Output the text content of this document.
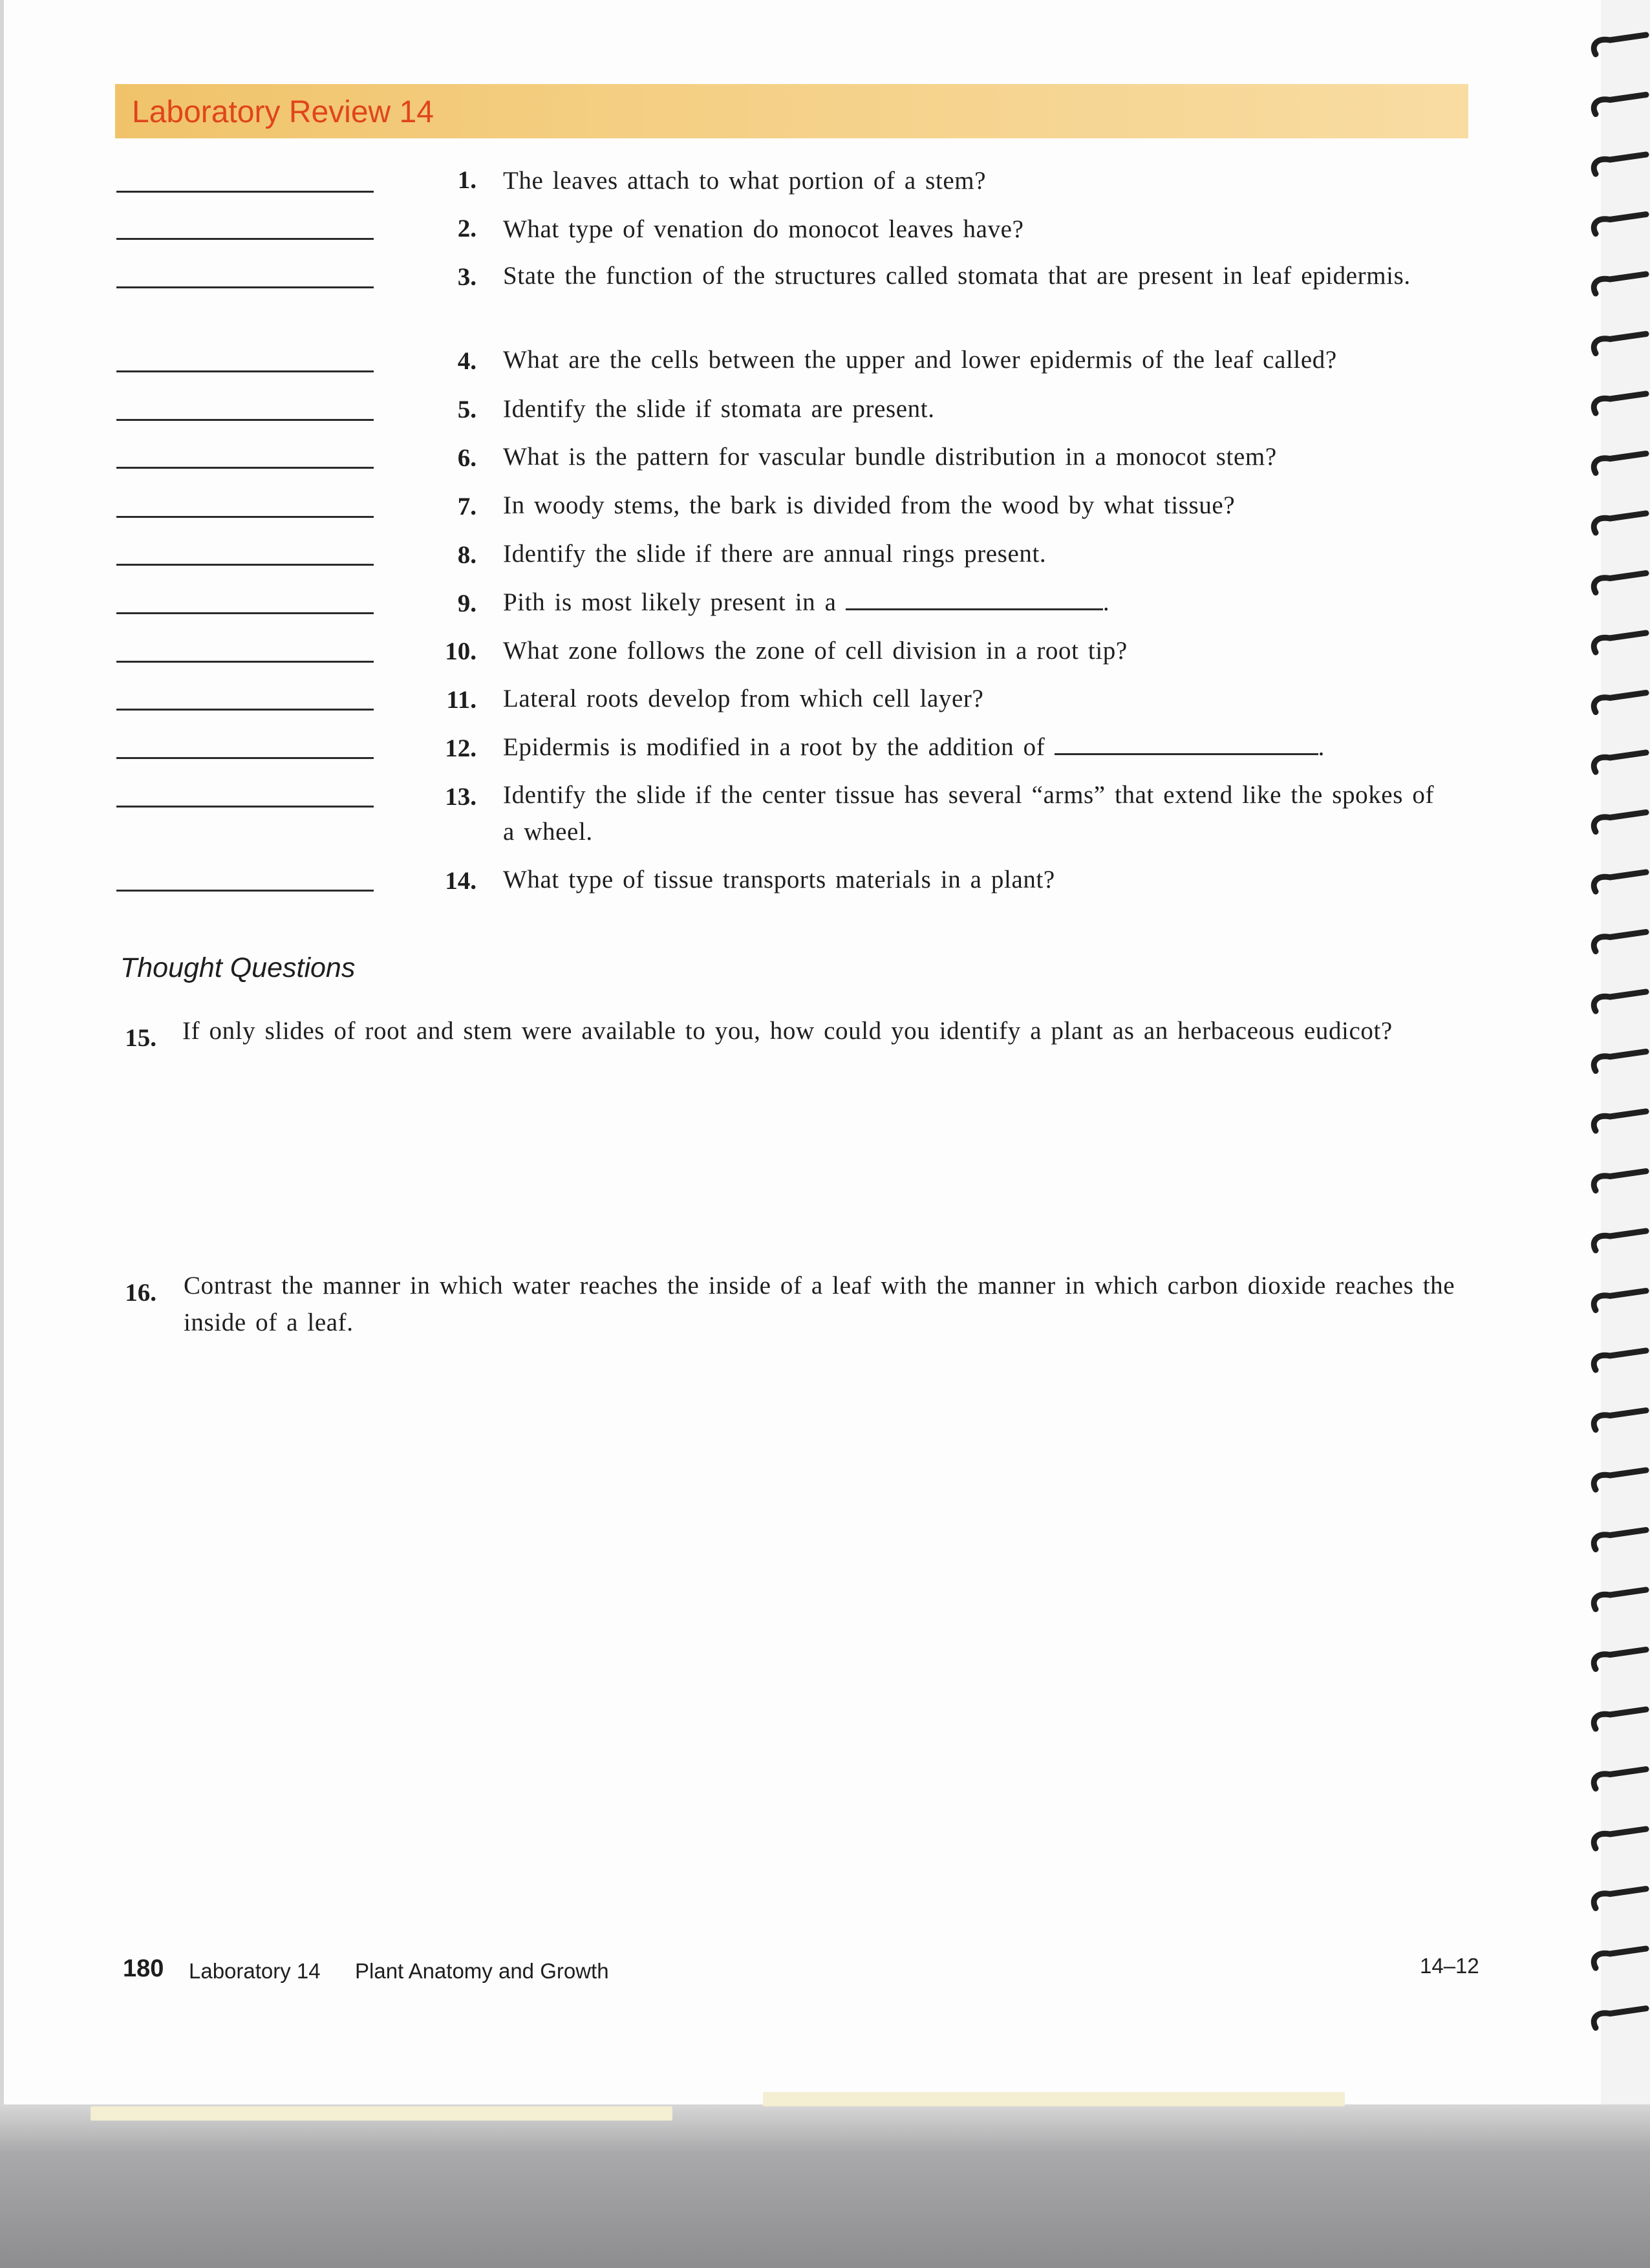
Laboratory Review 14
1. The leaves attach to what portion of a stem?
2. What type of venation do monocot leaves have?
3. State the function of the structures called stomata that are present in leaf epidermis.
4. What are the cells between the upper and lower epidermis of the leaf called?
5. Identify the slide if stomata are present.
6. What is the pattern for vascular bundle distribution in a monocot stem?
7. In woody stems, the bark is divided from the wood by what tissue?
8. Identify the slide if there are annual rings present.
9. Pith is most likely present in a	.
10. What zone follows the zone of cell division in a root tip?
11. Lateral roots develop from which cell layer?
12. Epidermis is modified in a root by the addition of	.
13. Identify the slide if the center tissue has several “arms” that extend like the spokes of a wheel.
14. What type of tissue transports materials in a plant?
Thought Questions
15. If only slides of root and stem were available to you, how could you identify a plant as an herbaceous eudicot?
16. Contrast the manner in which water reaches the inside of a leaf with the manner in which carbon dioxide reaches the inside of a leaf.
180 Laboratory 14 Plant Anatomy and Growth	14–12
